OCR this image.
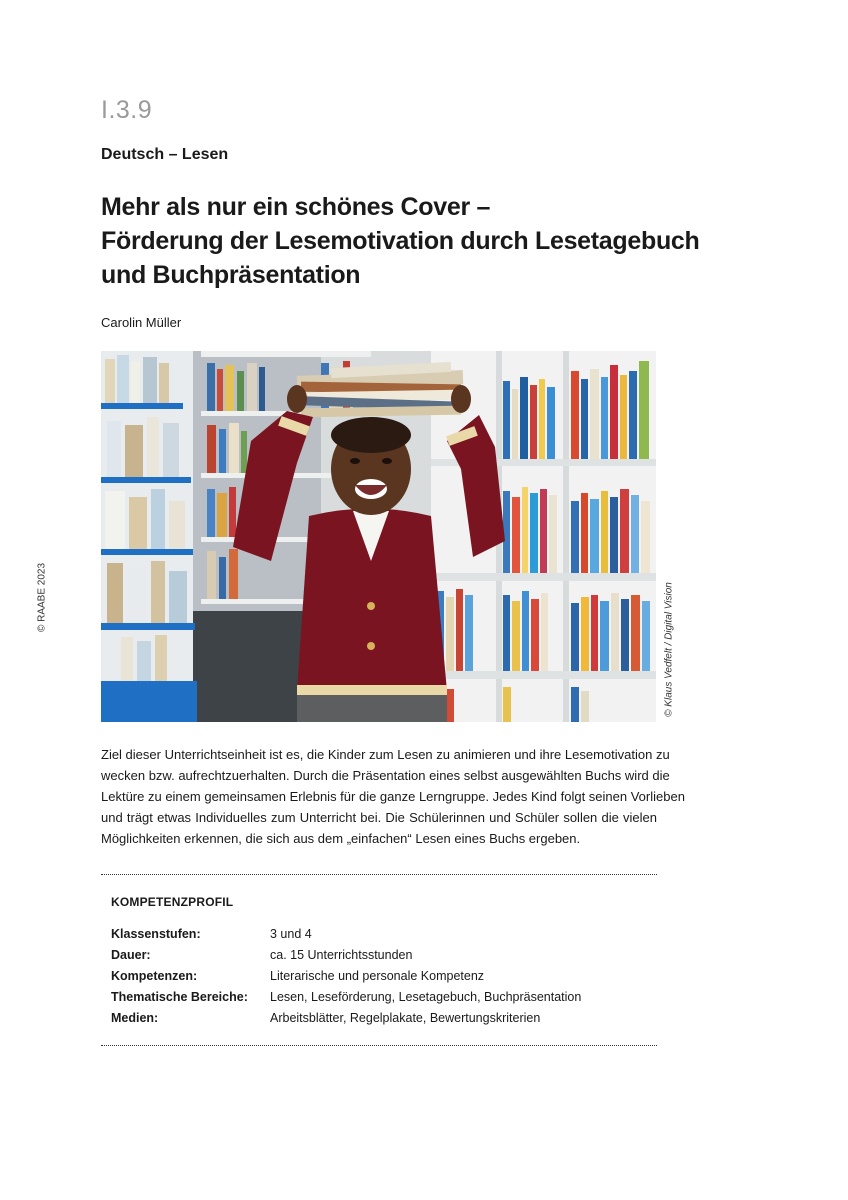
I.3.9
Deutsch – Lesen
Mehr als nur ein schönes Cover –
Förderung der Lesemotivation durch Lesetagebuch
und Buchpräsentation
Carolin Müller
© RAABE 2023	© Klaus Vedfelt / Digital Vision
Ziel dieser Unterrichtseinheit ist es, die Kinder zum Lesen zu animieren und ihre Lesemotivation zu
wecken bzw. aufrechtzuerhalten. Durch die Präsentation eines selbst ausgewählten Buchs wird die
Lektüre zu einem gemeinsamen Erlebnis für die ganze Lerngruppe. Jedes Kind folgt seinen Vorlieben
und trägt etwas Individuelles zum Unterricht bei. Die Schülerinnen und Schüler sollen die vielen
Möglichkeiten erkennen, die sich aus dem „einfachen“ Lesen eines Buchs ergeben.
KOMPETENZPROFIL
Klassenstufen:	3 und 4
Dauer:	ca. 15 Unterrichtsstunden
Kompetenzen:	Literarische und personale Kompetenz
Thematische Bereiche: Lesen, Leseförderung, Lesetagebuch, Buchpräsentation
Medien:	Arbeitsblätter, Regelplakate, Bewertungskriterien
